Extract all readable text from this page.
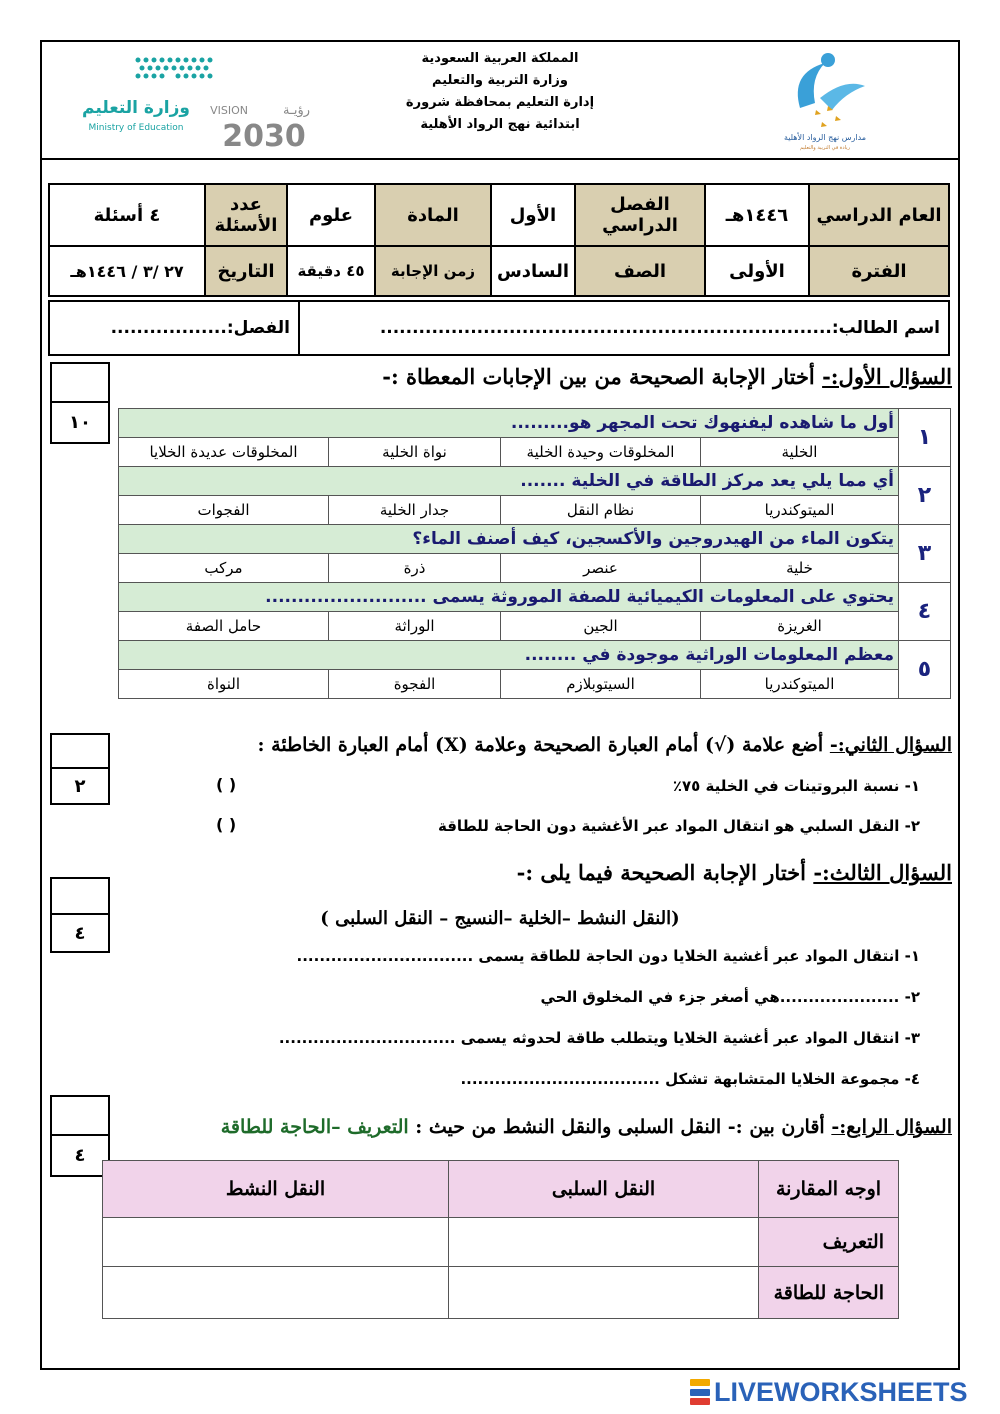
مدارس نهج الرواد الأهلية
ريادة في التربية والتعليم
المملكة العربية السعودية
وزارة التربية والتعليم
إدارة التعليم بمحافظة شرورة
ابتدائية نهج الرواد الأهلية
وزارة التعليم
Ministry of Education
VISION	رؤيـة
2030
العام الدراسي	١٤٤٦هـ	الفصل الدراسي	الأول	المادة	علوم	عدد الأسئلة	٤ أسئلة
الفترة	الأولى	الصف	السادس	زمن الإجابة	٤٥ دقيقة	التاريخ	٢٧ /٣ / ١٤٤٦هـ
اسم الطالب:......................................................................	الفصل:..................
١٠
السؤال الأول:- أختار الإجابة الصحيحة من بين الإجابات المعطاة :-
١	أول ما شاهده ليفنهوك تحت المجهر هو.........			
	الخلية	المخلوقات وحيدة الخلية	نواة الخلية	المخلوقات عديدة الخلايا
٢	أي مما يلي يعد مركز الطاقة في الخلية .......			
	الميتوكندريا	نظام النقل	جدار الخلية	الفجوات
٣	يتكون الماء من الهيدروجين والأكسجين، كيف أصنف الماء؟			
	خلية	عنصر	ذرة	مركب
٤	يحتوي على المعلومات الكيميائية للصفة الموروثة يسمى .........................			
	الغريزة	الجين	الوراثة	حامل الصفة
٥	معظم المعلومات الوراثية موجودة في ........			
	الميتوكندريا	السيتوبلازم	الفجوة	النواة
٢
السؤال الثاني:- أضع علامة (√) أمام العبارة الصحيحة وعلامة (X) أمام العبارة الخاطئة :
١- نسبة البروتينات في الخلية ٧٥٪
( )
٢- النقل السلبي هو انتقال المواد عبر الأغشية دون الحاجة للطاقة
( )
٤
السؤال الثالث:- أختار الإجابة الصحيحة فيما يلى :-
(النقل النشط –الخلية –النسيج – النقل السلبى )
١- انتقال المواد عبر أغشية الخلايا دون الحاجة للطاقة يسمى ...............................
٢- .....................هي أصغر جزء في المخلوق الحي
٣- انتقال المواد عبر أغشية الخلايا ويتطلب طاقة لحدوثه يسمى ...............................
٤- مجموعة الخلايا المتشابهة تشكل ...................................
٤
السؤال الرابع:- أقارن بين :- النقل السلبى والنقل النشط من حيث : التعريف –الحاجة للطاقة
اوجه المقارنة	النقل السلبى	النقل النشط
التعريف		
الحاجة للطاقة		
LIVEWORKSHEETS
